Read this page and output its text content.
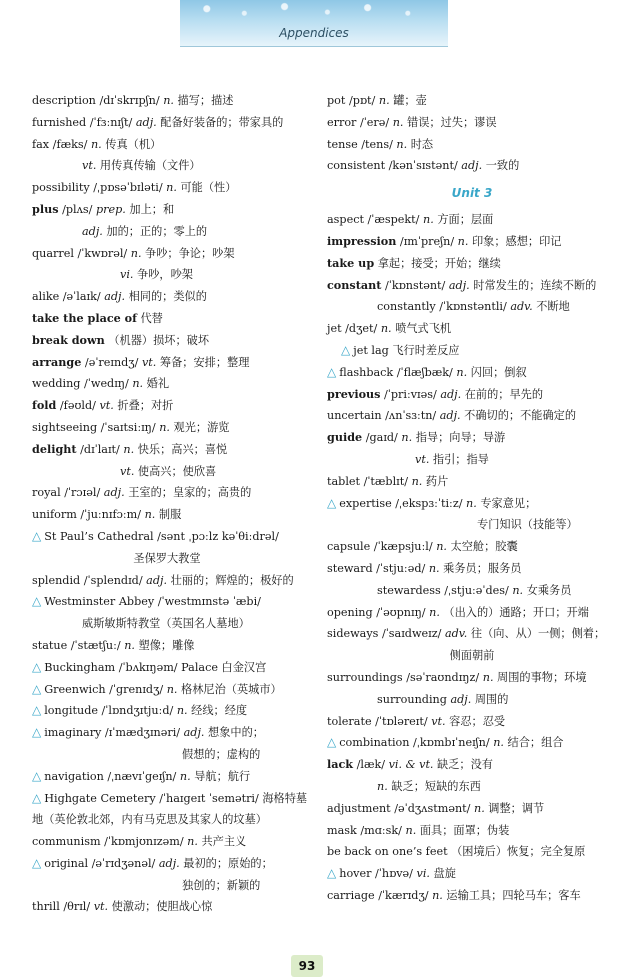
Appendices
description /dɪˈskrɪpʃn/ n. 描写；描述
furnished /ˈfɜːnɪʃt/ adj. 配备好装备的；带家具的
fax /fæks/ n. 传真（机）
vt. 用传真传输（文件）
possibility /ˌpɒsəˈbɪləti/ n. 可能（性）
plus /plʌs/ prep. 加上；和
adj. 加的；正的；零上的
quarrel /ˈkwɒrəl/ n. 争吵；争论；吵架
vi. 争吵，吵架
alike /əˈlaɪk/ adj. 相同的；类似的
take the place of 代替
break down （机器）损坏；破坏
arrange /əˈreɪndʒ/ vt. 筹备；安排；整理
wedding /ˈwedɪŋ/ n. 婚礼
fold /fəʊld/ vt. 折叠；对折
sightseeing /ˈsaɪtsiːɪŋ/ n. 观光；游览
delight /dɪˈlaɪt/ n. 快乐；高兴；喜悦
vt. 使高兴；使欣喜
royal /ˈrɔɪəl/ adj. 王室的；皇家的；高贵的
uniform /ˈjuːnɪfɔːm/ n. 制服
△ St Paul’s Cathedral /sənt ˌpɔːlz kəˈθiːdrəl/
圣保罗大教堂
splendid /ˈsplendɪd/ adj. 壮丽的；辉煌的；极好的
△ Westminster Abbey /ˈwestmɪnstə ˈæbi/
威斯敏斯特教堂（英国名人墓地）
statue /ˈstætʃuː/ n. 塑像；雕像
△ Buckingham /ˈbʌkɪŋəm/ Palace 白金汉宫
△ Greenwich /ˈgrenɪdʒ/ n. 格林尼治（英城市）
△ longitude /ˈlɒndʒɪtjuːd/ n. 经线；经度
△ imaginary /ɪˈmædʒɪnəri/ adj. 想象中的；
假想的；虚构的
△ navigation /ˌnævɪˈgeɪʃn/ n. 导航；航行
△ Highgate Cemetery /ˈhaɪgeɪt ˈsemətri/ 海格特墓
地（英伦敦北郊，内有马克思及其家人的坟墓）
communism /ˈkɒmjʊnɪzəm/ n. 共产主义
△ original /əˈrɪdʒənəl/ adj. 最初的；原始的；
独创的；新颖的
thrill /θrɪl/ vt. 使激动；使胆战心惊
pot /pɒt/ n. 罐；壶
error /ˈerə/ n. 错误；过失；谬误
tense /tens/ n. 时态
consistent /kənˈsɪstənt/ adj. 一致的
Unit 3
aspect /ˈæspekt/ n. 方面；层面
impression /ɪmˈpreʃn/ n. 印象；感想；印记
take up 拿起；接受；开始；继续
constant /ˈkɒnstənt/ adj. 时常发生的；连续不断的
constantly /ˈkɒnstəntli/ adv. 不断地
jet /dʒet/ n. 喷气式飞机
△ jet lag 飞行时差反应
△ flashback /ˈflæʃbæk/ n. 闪回；倒叙
previous /ˈpriːvɪəs/ adj. 在前的；早先的
uncertain /ʌnˈsɜːtn/ adj. 不确切的；不能确定的
guide /gaɪd/ n. 指导；向导；导游
vt. 指引；指导
tablet /ˈtæblɪt/ n. 药片
△ expertise /ˌekspɜːˈtiːz/ n. 专家意见；
专门知识（技能等）
capsule /ˈkæpsjuːl/ n. 太空舱；胶囊
steward /ˈstjuːəd/ n. 乘务员；服务员
stewardess /ˌstjuːəˈdes/ n. 女乘务员
opening /ˈəʊpnɪŋ/ n. （出入的）通路；开口；开端
sideways /ˈsaɪdweɪz/ adv. 往（向、从）一侧；侧着；
侧面朝前
surroundings /səˈraʊndɪŋz/ n. 周围的事物；环境
surrounding adj. 周围的
tolerate /ˈtɒləreɪt/ vt. 容忍；忍受
△ combination /ˌkɒmbɪˈneɪʃn/ n. 结合；组合
lack /læk/ vi. & vt. 缺乏；没有
n. 缺乏；短缺的东西
adjustment /əˈdʒʌstmənt/ n. 调整；调节
mask /mɑːsk/ n. 面具；面罩；伪装
be back on one’s feet （困境后）恢复；完全复原
△ hover /ˈhɒvə/ vi. 盘旋
carriage /ˈkærɪdʒ/ n. 运输工具；四轮马车；客车
93
